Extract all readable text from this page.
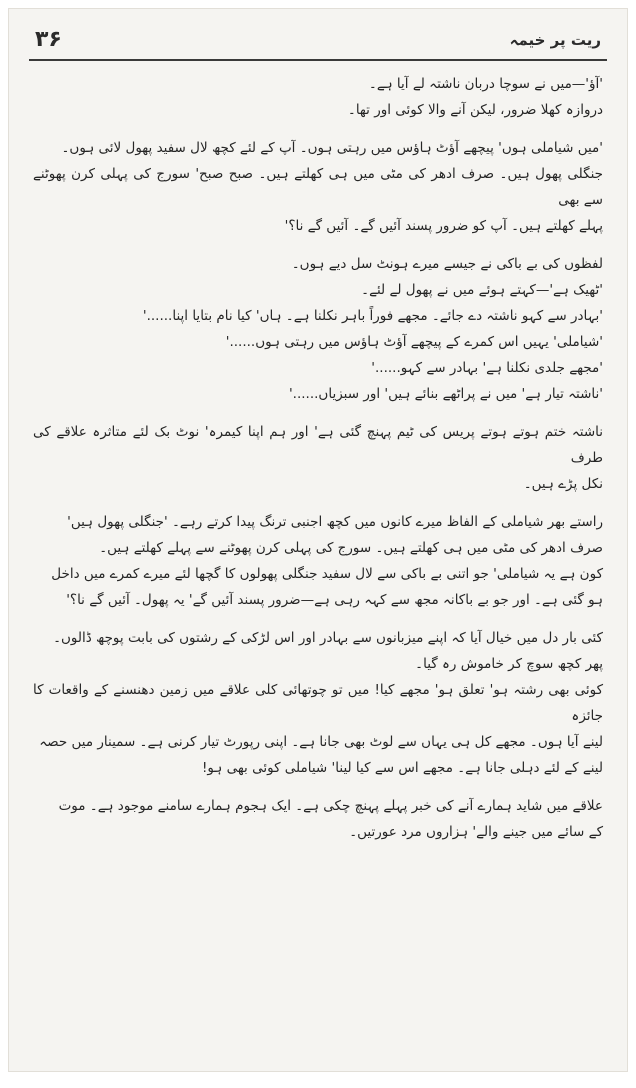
۳۶	ریت پر خیمہ

'آؤ'—میں نے سوچا دربان ناشتہ لے آیا ہے۔
دروازہ کھلا ضرور، لیکن آنے والا کوئی اور تھا۔

'میں شیاملی ہوں' پیچھے آؤٹ ہاؤس میں رہتی ہوں۔ آپ کے لئے کچھ لال سفید پھول لائی ہوں۔
جنگلی پھول ہیں۔ صرف ادھر کی مٹی میں ہی کھلتے ہیں۔ صبح صبح' سورج کی پہلی کرن پھوٹنے سے بھی
پہلے کھلتے ہیں۔ آپ کو ضرور پسند آئیں گے۔ آئیں گے نا؟'

لفظوں کی بے باکی نے جیسے میرے ہونٹ سل دیے ہوں۔
'ٹھیک ہے'—کہتے ہوئے میں نے پھول لے لئے۔
'بہادر سے کہو ناشتہ دے جائے۔ مجھے فوراً باہر نکلنا ہے۔ ہاں' کیا نام بتایا اپنا......'
'شیاملی' یہیں اس کمرے کے پیچھے آؤٹ ہاؤس میں رہتی ہوں......'
'مجھے جلدی نکلنا ہے' بہادر سے کہو......'
'ناشتہ تیار ہے' میں نے پراٹھے بنائے ہیں' اور سبزیاں......'

ناشتہ ختم ہوتے ہوتے پریس کی ٹیم پہنچ گئی ہے' اور ہم اپنا کیمرہ' نوٹ بک لئے متاثرہ علاقے کی طرف
نکل پڑے ہیں۔

راستے بھر شیاملی کے الفاظ میرے کانوں میں کچھ اجنبی ترنگ پیدا کرتے رہے۔ 'جنگلی پھول ہیں'
صرف ادھر کی مٹی میں ہی کھلتے ہیں۔ سورج کی پہلی کرن پھوٹنے سے پہلے کھلتے ہیں۔
کون ہے یہ شیاملی' جو اتنی بے باکی سے لال سفید جنگلی پھولوں کا گچھا لئے میرے کمرے میں داخل
ہو گئی ہے۔ اور جو بے باکانہ مجھ سے کہہ رہی ہے—ضرور پسند آئیں گے' یہ پھول۔ آئیں گے نا؟'

کئی بار دل میں خیال آیا کہ اپنے میزبانوں سے بہادر اور اس لڑکی کے رشتوں کی بابت پوچھ ڈالوں۔
پھر کچھ سوچ کر خاموش رہ گیا۔
کوئی بھی رشتہ ہو' تعلق ہو' مجھے کیا! میں تو چوتھائی کلی علاقے میں زمین دھنسنے کے واقعات کا جائزہ
لینے آیا ہوں۔ مجھے کل ہی یہاں سے لوٹ بھی جانا ہے۔ اپنی رپورٹ تیار کرنی ہے۔ سمینار میں حصہ
لینے کے لئے دہلی جانا ہے۔ مجھے اس سے کیا لینا' شیاملی کوئی بھی ہو!

علاقے میں شاید ہمارے آنے کی خبر پہلے پہنچ چکی ہے۔ ایک ہجوم ہمارے سامنے موجود ہے۔ موت
کے سائے میں جینے والے' ہزاروں مرد عورتیں۔
